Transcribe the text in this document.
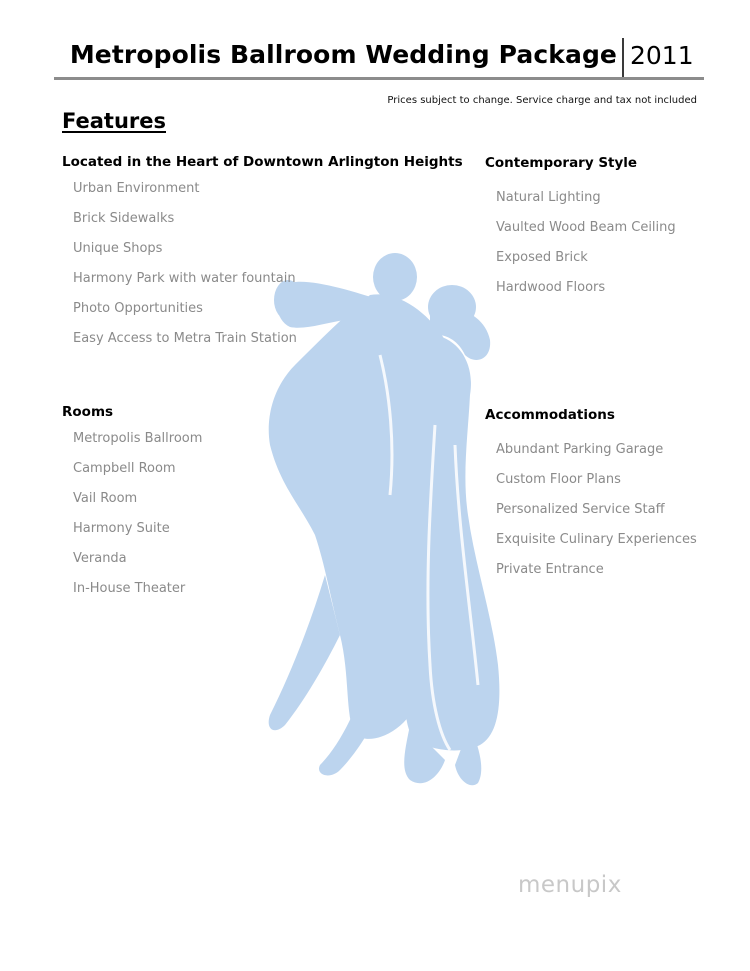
Metropolis Ballroom Wedding Package 2011
Prices subject to change. Service charge and tax not included
Features
Located in the Heart of Downtown Arlington Heights
Urban Environment
Brick Sidewalks
Unique Shops
Harmony Park with water fountain
Photo Opportunities
Easy Access to Metra Train Station
Contemporary Style
Natural Lighting
Vaulted Wood Beam Ceiling
Exposed Brick
Hardwood Floors
Rooms
Metropolis Ballroom
Campbell Room
Vail Room
Harmony Suite
Veranda
In-House Theater
Accommodations
Abundant Parking Garage
Custom Floor Plans
Personalized Service Staff
Exquisite Culinary Experiences
Private Entrance
menupix
